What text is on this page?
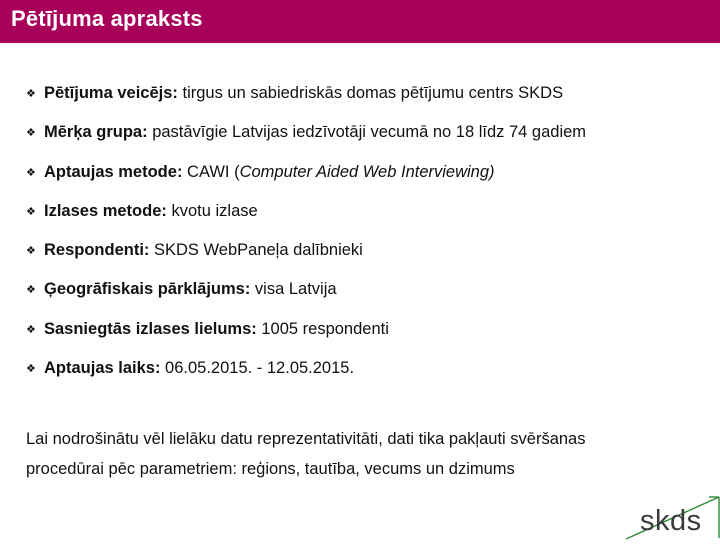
Pētījuma apraksts
❖ Pētījuma veicējs: tirgus un sabiedriskās domas pētījumu centrs SKDS
❖ Mērķa grupa: pastāvīgie Latvijas iedzīvotāji vecumā no 18 līdz 74 gadiem
❖ Aptaujas metode: CAWI (Computer Aided Web Interviewing)
❖ Izlases metode: kvotu izlase
❖ Respondenti: SKDS WebPaneļa dalībnieki
❖ Ģeogrāfiskais pārklājums: visa Latvija
❖ Sasniegtās izlases lielums: 1005 respondenti
❖ Aptaujas laiks: 06.05.2015. - 12.05.2015.
Lai nodrošinātu vēl lielāku datu reprezentativitāti, dati tika pakļauti svēršanas
procedūrai pēc parametriem: reģions, tautība, vecums un dzimums
skds
